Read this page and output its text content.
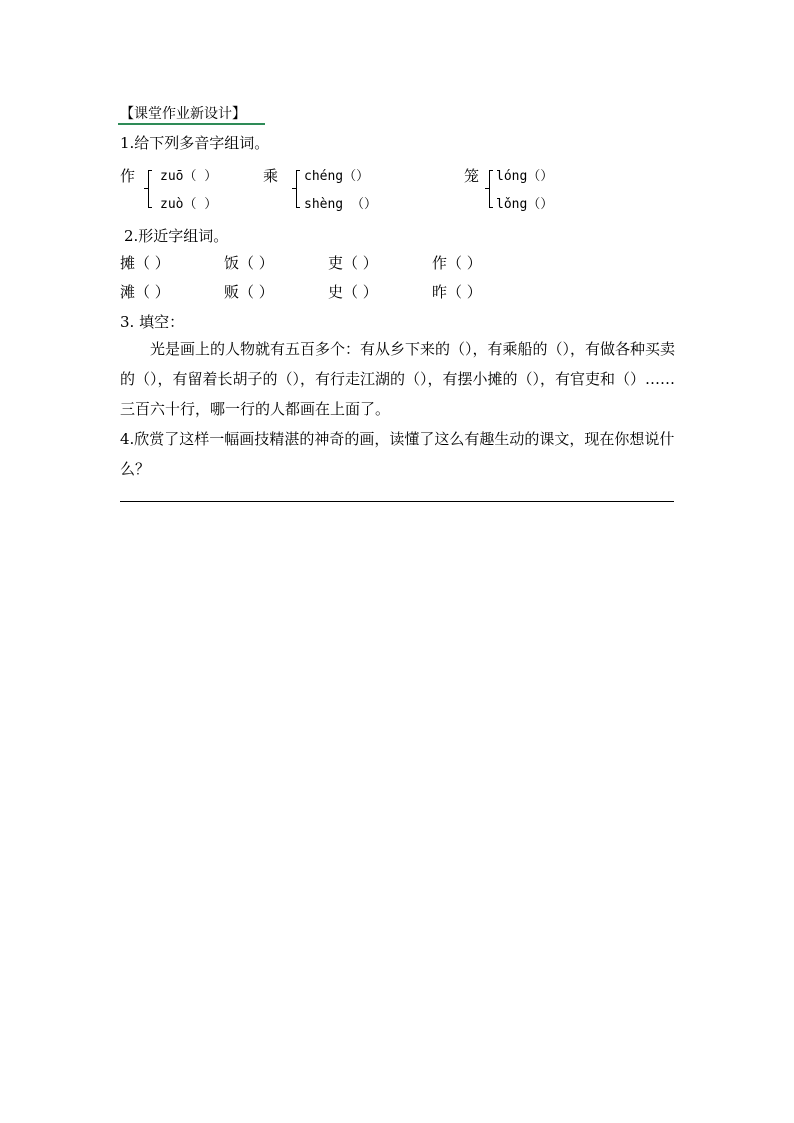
【课堂作业新设计】
1.给下列多音字组词。
作 zuō（ ）
zuò（ ）
乘 chéng（）
shèng （）
笼 lóng（）
lǒng（）
2.形近字组词。
摊（ ）	饭（ ）	吏（ ）	作（ ）
滩（ ）	贩（ ）	史（ ）	昨（ ）
3. 填空：
光是画上的人物就有五百多个：有从乡下来的（），有乘船的（），有做各种买卖的（），有留着长胡子的（），有行走江湖的（），有摆小摊的（），有官吏和（）……三百六十行，哪一行的人都画在上面了。
4.欣赏了这样一幅画技精湛的神奇的画，读懂了这么有趣生动的课文，现在你想说什么？
